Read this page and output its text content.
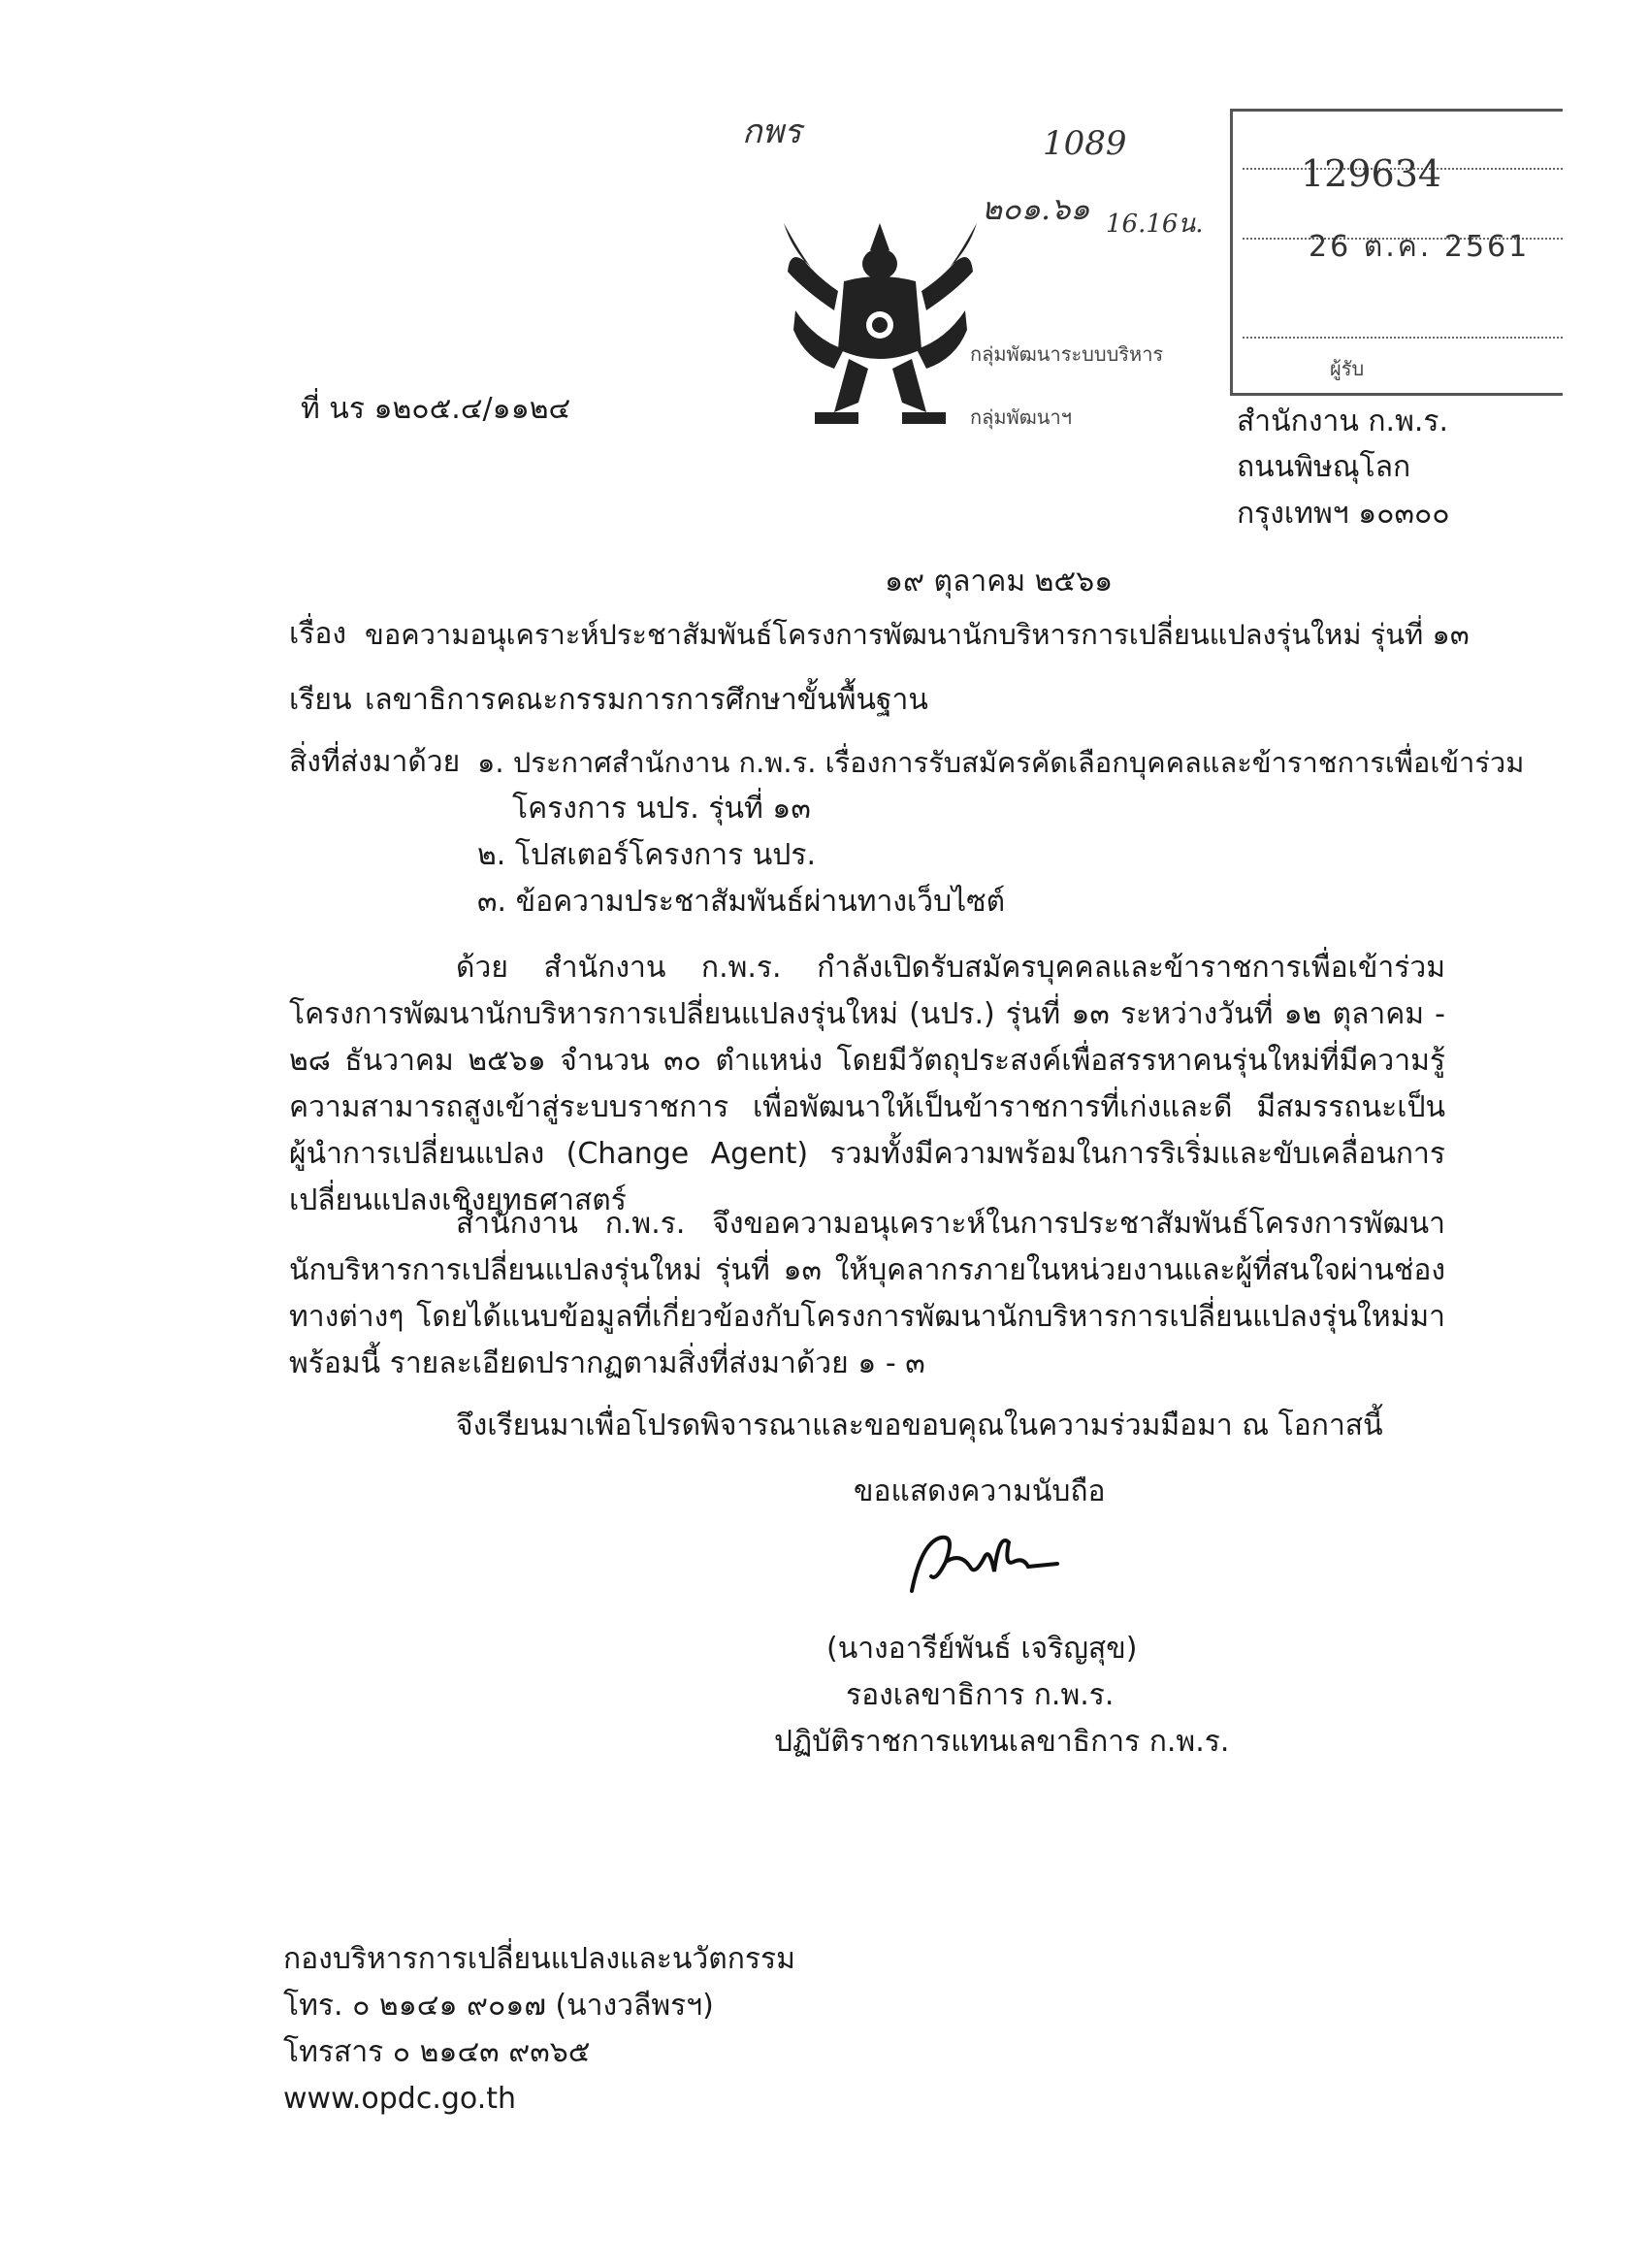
กพร	1089
๒๐๑.๖๑ 16.16น.
กลุ่มพัฒนาระบบบริหาร
กลุ่มพัฒนาฯ
129634
26 ต.ค. 2561
ผู้รับ
ที่ นร ๑๒๐๕.๔/๑๑๒๔	สำนักงาน ก.พ.ร.
ถนนพิษณุโลก
กรุงเทพฯ ๑๐๓๐๐
๑๙ ตุลาคม ๒๕๖๑
เรื่อง ขอความอนุเคราะห์ประชาสัมพันธ์โครงการพัฒนานักบริหารการเปลี่ยนแปลงรุ่นใหม่ รุ่นที่ ๑๓
เรียน เลขาธิการคณะกรรมการการศึกษาขั้นพื้นฐาน
สิ่งที่ส่งมาด้วย ๑. ประกาศสำนักงาน ก.พ.ร. เรื่องการรับสมัครคัดเลือกบุคคลและข้าราชการเพื่อเข้าร่วม
โครงการ นปร. รุ่นที่ ๑๓
๒. โปสเตอร์โครงการ นปร.
๓. ข้อความประชาสัมพันธ์ผ่านทางเว็บไซต์

ด้วย สำนักงาน ก.พ.ร. กำลังเปิดรับสมัครบุคคลและข้าราชการเพื่อเข้าร่วมโครงการพัฒนานักบริหารการเปลี่ยนแปลงรุ่นใหม่ (นปร.) รุ่นที่ ๑๓ ระหว่างวันที่ ๑๒ ตุลาคม - ๒๘ ธันวาคม ๒๕๖๑ จำนวน ๓๐ ตำแหน่ง โดยมีวัตถุประสงค์เพื่อสรรหาคนรุ่นใหม่ที่มีความรู้ ความสามารถสูงเข้าสู่ระบบราชการ เพื่อพัฒนาให้เป็นข้าราชการที่เก่งและดี มีสมรรถนะเป็นผู้นำการเปลี่ยนแปลง (Change Agent) รวมทั้งมีความพร้อมในการริเริ่มและขับเคลื่อนการเปลี่ยนแปลงเชิงยุทธศาสตร์

สำนักงาน ก.พ.ร. จึงขอความอนุเคราะห์ในการประชาสัมพันธ์โครงการพัฒนานักบริหารการเปลี่ยนแปลงรุ่นใหม่ รุ่นที่ ๑๓ ให้บุคลากรภายในหน่วยงานและผู้ที่สนใจผ่านช่องทางต่างๆ โดยได้แนบข้อมูลที่เกี่ยวข้องกับโครงการพัฒนานักบริหารการเปลี่ยนแปลงรุ่นใหม่มาพร้อมนี้ รายละเอียดปรากฏตามสิ่งที่ส่งมาด้วย ๑ - ๓

จึงเรียนมาเพื่อโปรดพิจารณาและขอขอบคุณในความร่วมมือมา ณ โอกาสนี้
ขอแสดงความนับถือ
(นางอารีย์พันธ์ เจริญสุข)
รองเลขาธิการ ก.พ.ร.
ปฏิบัติราชการแทนเลขาธิการ ก.พ.ร.
กองบริหารการเปลี่ยนแปลงและนวัตกรรม
โทร. ๐ ๒๑๔๑ ๙๐๑๗ (นางวลีพรฯ)
โทรสาร ๐ ๒๑๔๓ ๙๓๖๕
www.opdc.go.th
